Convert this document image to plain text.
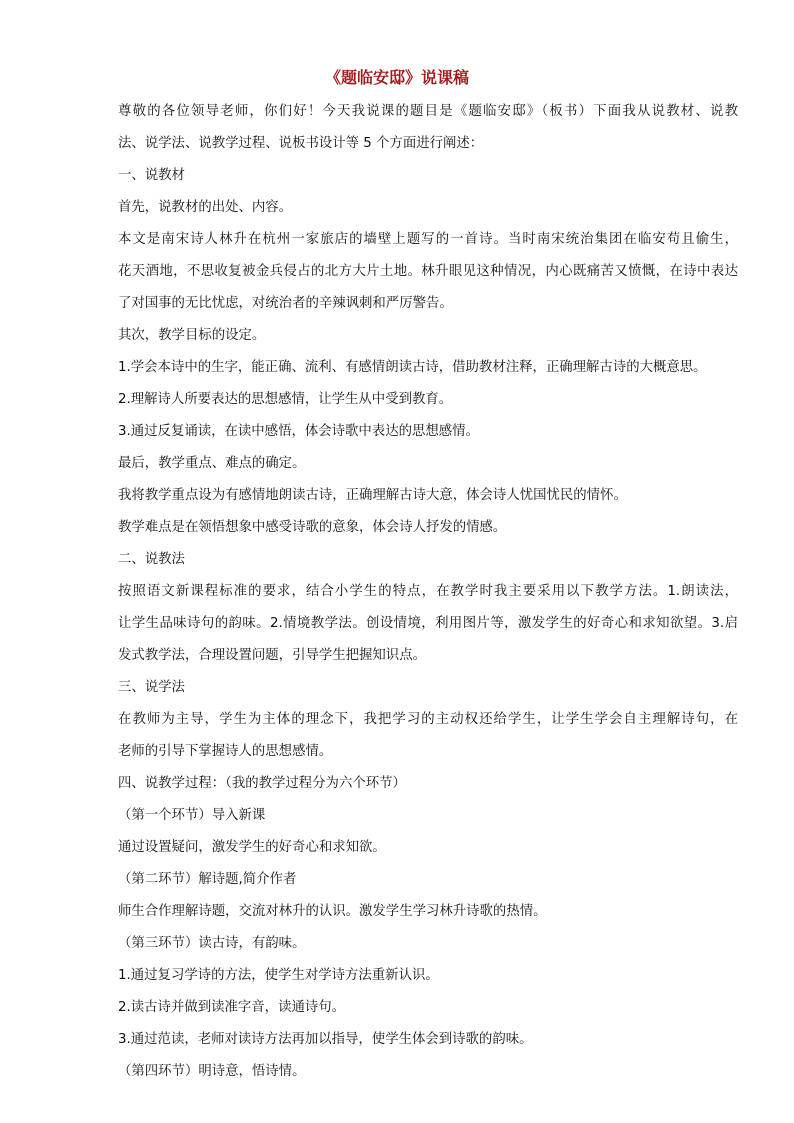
《题临安邸》说课稿
尊敬的各位领导老师，你们好！今天我说课的题目是《题临安邸》（板书）下面我从说教材、说教
法、说学法、说教学过程、说板书设计等 5 个方面进行阐述：
一、说教材
首先，说教材的出处、内容。
本文是南宋诗人林升在杭州一家旅店的墙壁上题写的一首诗。当时南宋统治集团在临安苟且偷生，
花天酒地，不思收复被金兵侵占的北方大片土地。林升眼见这种情况，内心既痛苦又愤慨，在诗中表达
了对国事的无比忧虑，对统治者的辛辣讽刺和严厉警告。
其次，教学目标的设定。
1.学会本诗中的生字，能正确、流利、有感情朗读古诗，借助教材注释，正确理解古诗的大概意思。
2.理解诗人所要表达的思想感情，让学生从中受到教育。
3.通过反复诵读，在读中感悟，体会诗歌中表达的思想感情。
最后，教学重点、难点的确定。
我将教学重点设为有感情地朗读古诗，正确理解古诗大意，体会诗人忧国忧民的情怀。
教学难点是在领悟想象中感受诗歌的意象，体会诗人抒发的情感。
二、说教法
按照语文新课程标准的要求，结合小学生的特点，在教学时我主要采用以下教学方法。1.朗读法，
让学生品味诗句的韵味。2.情境教学法。创设情境，利用图片等，激发学生的好奇心和求知欲望。3.启
发式教学法，合理设置问题，引导学生把握知识点。
三、说学法
在教师为主导，学生为主体的理念下，我把学习的主动权还给学生，让学生学会自主理解诗句，在
老师的引导下掌握诗人的思想感情。
四、说教学过程：（我的教学过程分为六个环节）
（第一个环节）导入新课
通过设置疑问，激发学生的好奇心和求知欲。
（第二环节）解诗题,简介作者
师生合作理解诗题，交流对林升的认识。激发学生学习林升诗歌的热情。
（第三环节）读古诗，有韵味。
1.通过复习学诗的方法，使学生对学诗方法重新认识。
2.读古诗并做到读准字音，读通诗句。
3.通过范读，老师对读诗方法再加以指导，使学生体会到诗歌的韵味。
（第四环节）明诗意，悟诗情。
